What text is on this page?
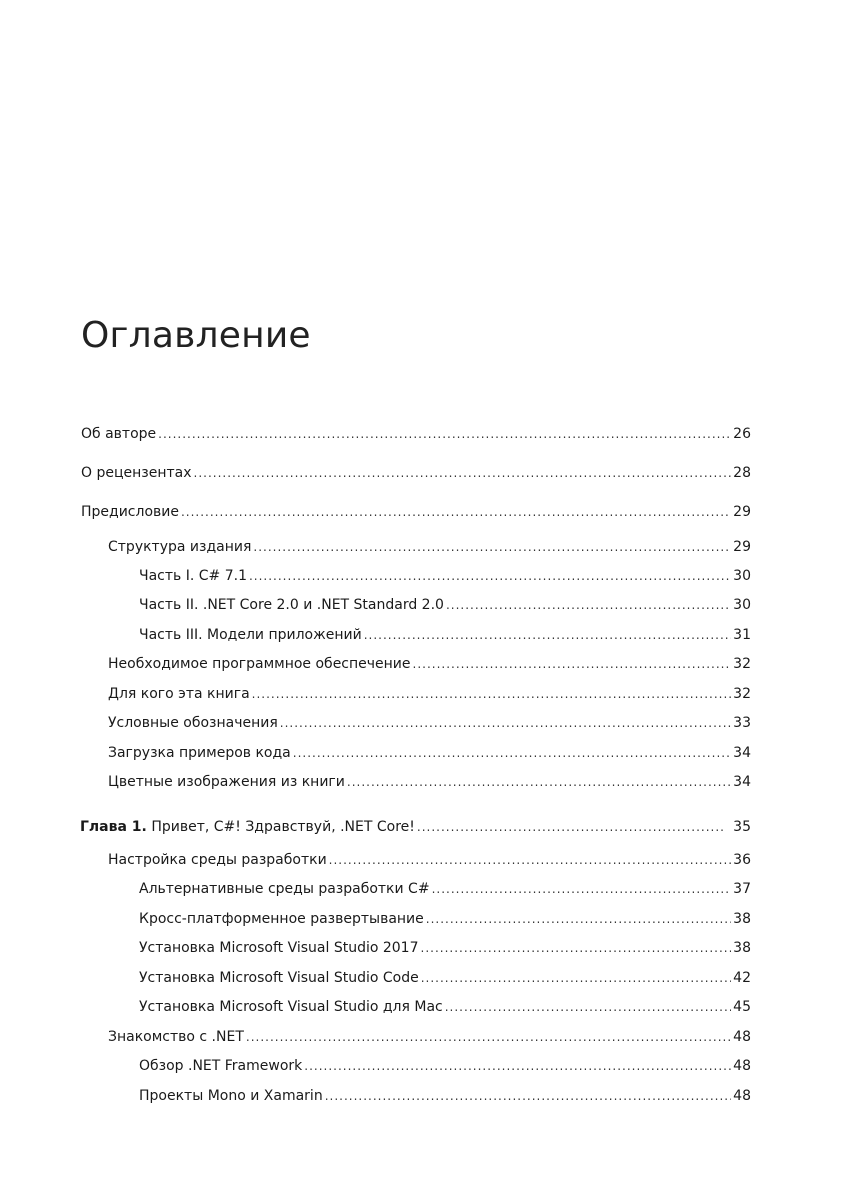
Оглавление
Об авторе .....	26
О рецензентах .....	28
Предисловие .....	29
Структура издания .....	29
Часть I. C# 7.1 .....	30
Часть II. .NET Core 2.0 и .NET Standard 2.0 .....	30
Часть III. Модели приложений .....	31
Необходимое программное обеспечение .....	32
Для кого эта книга .....	32
Условные обозначения .....	33
Загрузка примеров кода .....	34
Цветные изображения из книги .....	34
Глава 1. Привет, C#! Здравствуй, .NET Core! .....	35
Настройка среды разработки .....	36
Альтернативные среды разработки C# .....	37
Кросс-платформенное развертывание .....	38
Установка Microsoft Visual Studio 2017 .....	38
Установка Microsoft Visual Studio Code .....	42
Установка Microsoft Visual Studio для Mac .....	45
Знакомство с .NET .....	48
Обзор .NET Framework .....	48
Проекты Mono и Xamarin .....	48
